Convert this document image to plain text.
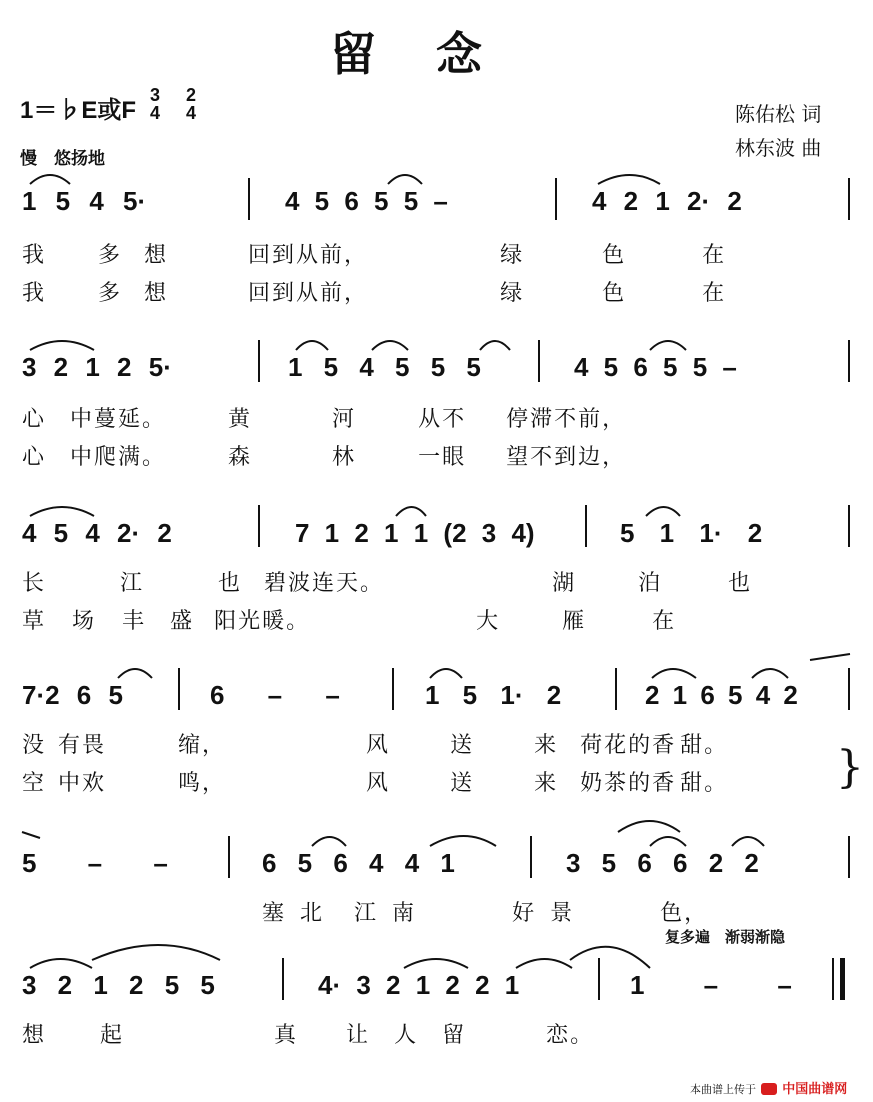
留念
1＝♭E或F
3
4
2
4
慢　悠扬地
陈佑松 词
林东波 曲
1 5 4 5·	4 5 6 5 5 –	4 2 1 2· 2
我 多 想	回到从前，	绿	色	在
我 多 想	回到从前，	绿	色	在
3 2 1 2 5·	1 5 4 5 5 5	4 5 6 5 5 –
心 中蔓延。	黄	河	从不 停滞不前，
心 中爬满。	森	林	一眼 望不到边，
4 5 4 2· 2	7 1 2 1 1 (2 3 4)	5 1 1· 2
长	江	也 碧波连天。	湖	泊	也
草 场 丰 盛 阳光暖。	大	雁	在
7·2 6 5	6 – –	1 5 1· 2	2 1 6 5 4 2
没 有畏	缩，	风	送	来 荷花的香 甜。
空 中欢	鸣，	风	送	来 奶茶的香 甜。 }
5 – –	6 5 6 4 4 1	3 5 6 6 2 2
塞 北 江 南	好 景	色，
复多遍　渐弱渐隐
3 2 1 2 5 5	4· 3 2 1 2 2 1	1 – –
想 起	真 让 人 留	恋。
本曲谱上传于 中国曲谱网
